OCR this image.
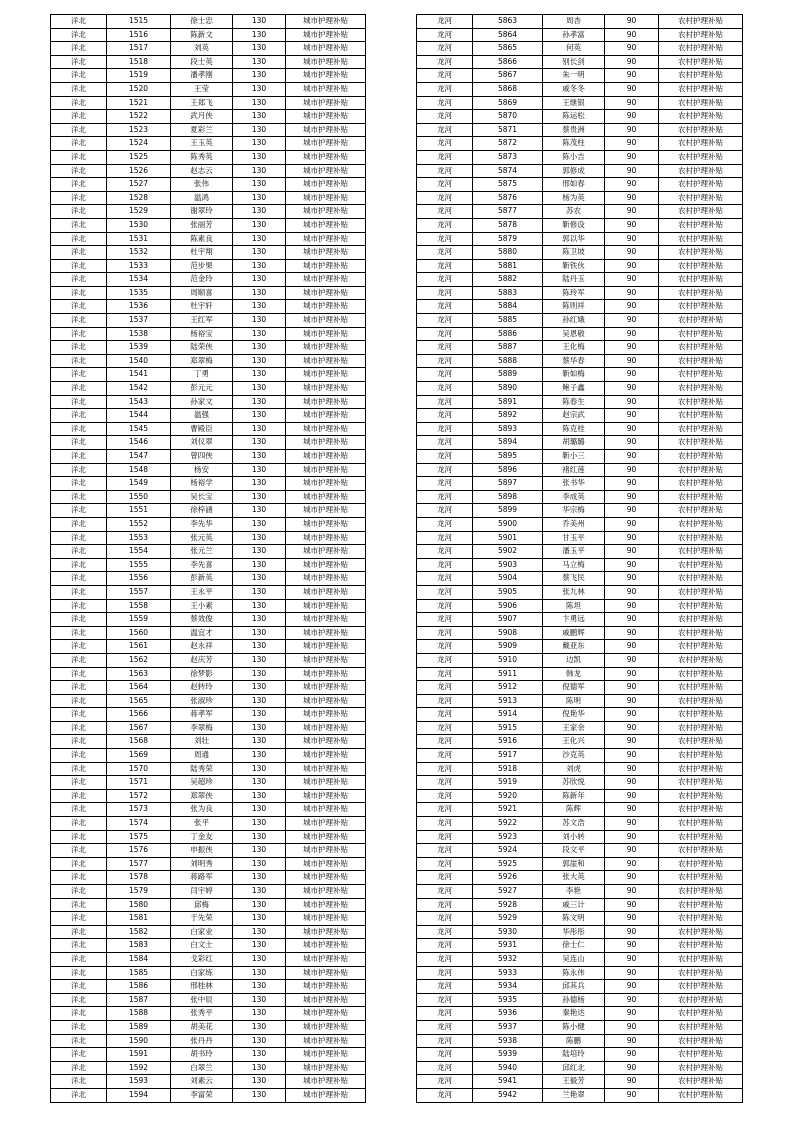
洋北	1515	徐士忠	130	城市护理补贴
洋北	1516	陈新文	130	城市护理补贴
洋北	1517	刘英	130	城市护理补贴
洋北	1518	段士英	130	城市护理补贴
洋北	1519	潘孝刚	130	城市护理补贴
洋北	1520	王莹	130	城市护理补贴
洋北	1521	王郑飞	130	城市护理补贴
洋北	1522	武月侠	130	城市护理补贴
洋北	1523	夏彩兰	130	城市护理补贴
洋北	1524	王玉英	130	城市护理补贴
洋北	1525	陈秀英	130	城市护理补贴
洋北	1526	赵志云	130	城市护理补贴
洋北	1527	张伟	130	城市护理补贴
洋北	1528	温鸿	130	城市护理补贴
洋北	1529	谢翠玲	130	城市护理补贴
洋北	1530	张丽芳	130	城市护理补贴
洋北	1531	陈素良	130	城市护理补贴
洋北	1532	杜宇翔	130	城市护理补贴
洋北	1533	范步果	130	城市护理补贴
洋北	1534	范金玲	130	城市护理补贴
洋北	1535	周顺喜	130	城市护理补贴
洋北	1536	杜宇轩	130	城市护理补贴
洋北	1537	王红军	130	城市护理补贴
洋北	1538	杨裕宝	130	城市护理补贴
洋北	1539	陆荣侠	130	城市护理补贴
洋北	1540	郑翠梅	130	城市护理补贴
洋北	1541	丁勇	130	城市护理补贴
洋北	1542	彭元元	130	城市护理补贴
洋北	1543	孙家文	130	城市护理补贴
洋北	1544	温强	130	城市护理补贴
洋北	1545	曹殿臣	130	城市护理补贴
洋北	1546	刘仪翠	130	城市护理补贴
洋北	1547	曾四侠	130	城市护理补贴
洋北	1548	杨安	130	城市护理补贴
洋北	1549	杨裕学	130	城市护理补贴
洋北	1550	吴长宝	130	城市护理补贴
洋北	1551	徐梓涵	130	城市护理补贴
洋北	1552	李先华	130	城市护理补贴
洋北	1553	张元英	130	城市护理补贴
洋北	1554	张元兰	130	城市护理补贴
洋北	1555	李先喜	130	城市护理补贴
洋北	1556	彭新英	130	城市护理补贴
洋北	1557	王永平	130	城市护理补贴
洋北	1558	王小素	130	城市护理补贴
洋北	1559	蔡效俊	130	城市护理补贴
洋北	1560	温宜才	130	城市护理补贴
洋北	1561	赵永祥	130	城市护理补贴
洋北	1562	赵庆芳	130	城市护理补贴
洋北	1563	徐梦影	130	城市护理补贴
洋北	1564	赵转玲	130	城市护理补贴
洋北	1565	张淑珍	130	城市护理补贴
洋北	1566	蒋孝军	130	城市护理补贴
洋北	1567	李翠梅	130	城市护理补贴
洋北	1568	刘壮	130	城市护理补贴
洋北	1569	周通	130	城市护理补贴
洋北	1570	陆秀荣	130	城市护理补贴
洋北	1571	吴超珍	130	城市护理补贴
洋北	1572	郑翠侠	130	城市护理补贴
洋北	1573	张为良	130	城市护理补贴
洋北	1574	张平	130	城市护理补贴
洋北	1575	丁金友	130	城市护理补贴
洋北	1576	申振侠	130	城市护理补贴
洋北	1577	刘明秀	130	城市护理补贴
洋北	1578	蒋路军	130	城市护理补贴
洋北	1579	闫宇婷	130	城市护理补贴
洋北	1580	邱梅	130	城市护理补贴
洋北	1581	于先荣	130	城市护理补贴
洋北	1582	白家业	130	城市护理补贴
洋北	1583	白文士	130	城市护理补贴
洋北	1584	戈彩红	130	城市护理补贴
洋北	1585	白家练	130	城市护理补贴
洋北	1586	邢桂林	130	城市护理补贴
洋北	1587	张中辰	130	城市护理补贴
洋北	1588	张秀平	130	城市护理补贴
洋北	1589	胡美花	130	城市护理补贴
洋北	1590	张丹丹	130	城市护理补贴
洋北	1591	胡书玲	130	城市护理补贴
洋北	1592	白翠兰	130	城市护理补贴
洋北	1593	刘素云	130	城市护理补贴
洋北	1594	李富荣	130	城市护理补贴
龙河	5863	周杏	90	农村护理补贴
龙河	5864	孙孝富	90	农村护理补贴
龙河	5865	何英	90	农村护理补贴
龙河	5866	别长剑	90	农村护理补贴
龙河	5867	朱一明	90	农村护理补贴
龙河	5868	戚冬冬	90	农村护理补贴
龙河	5869	王继银	90	农村护理补贴
龙河	5870	陈运松	90	农村护理补贴
龙河	5871	蔡贵洲	90	农村护理补贴
龙河	5872	陈茂柱	90	农村护理补贴
龙河	5873	陈小吉	90	农村护理补贴
龙河	5874	郭修成	90	农村护理补贴
龙河	5875	邢如春	90	农村护理补贴
龙河	5876	杨为英	90	农村护理补贴
龙河	5877	苏农	90	农村护理补贴
龙河	5878	靳修设	90	农村护理补贴
龙河	5879	郭以华	90	农村护理补贴
龙河	5880	陈卫坡	90	农村护理补贴
龙河	5881	靳铁伙	90	农村护理补贴
龙河	5882	陆丹玉	90	农村护理补贴
龙河	5883	陈玲军	90	农村护理补贴
龙河	5884	陈则祥	90	农村护理补贴
龙河	5885	孙红娥	90	农村护理补贴
龙河	5886	吴恩敬	90	农村护理补贴
龙河	5887	王化梅	90	农村护理补贴
龙河	5888	蔡华春	90	农村护理补贴
龙河	5889	靳如梅	90	农村护理补贴
龙河	5890	鲍子鑫	90	农村护理补贴
龙河	5891	陈春生	90	农村护理补贴
龙河	5892	赵宗武	90	农村护理补贴
龙河	5893	陈克桂	90	农村护理补贴
龙河	5894	胡璐璐	90	农村护理补贴
龙河	5895	靳小三	90	农村护理补贴
龙河	5896	褚红莲	90	农村护理补贴
龙河	5897	张书华	90	农村护理补贴
龙河	5898	李成英	90	农村护理补贴
龙河	5899	华宗梅	90	农村护理补贴
龙河	5900	乔美州	90	农村护理补贴
龙河	5901	甘玉平	90	农村护理补贴
龙河	5902	潘玉平	90	农村护理补贴
龙河	5903	马立梅	90	农村护理补贴
龙河	5904	蔡飞民	90	农村护理补贴
龙河	5905	张九林	90	农村护理补贴
龙河	5906	陈坦	90	农村护理补贴
龙河	5907	卞勇远	90	农村护理补贴
龙河	5908	戚鹏辉	90	农村护理补贴
龙河	5909	戴亚东	90	农村护理补贴
龙河	5910	边凯	90	农村护理补贴
龙河	5911	韩龙	90	农村护理补贴
龙河	5912	倪德军	90	农村护理补贴
龙河	5913	陈明	90	农村护理补贴
龙河	5914	倪艳华	90	农村护理补贴
龙河	5915	王家余	90	农村护理补贴
龙河	5916	王化兴	90	农村护理补贴
龙河	5917	沙克英	90	农村护理补贴
龙河	5918	刘虎	90	农村护理补贴
龙河	5919	苏欣悦	90	农村护理补贴
龙河	5920	陈新年	90	农村护理补贴
龙河	5921	陈辉	90	农村护理补贴
龙河	5922	苏文浩	90	农村护理补贴
龙河	5923	刘小转	90	农村护理补贴
龙河	5924	段文平	90	农村护理补贴
龙河	5925	郭崖和	90	农村护理补贴
龙河	5926	张大英	90	农村护理补贴
龙河	5927	李艳	90	农村护理补贴
龙河	5928	戚三计	90	农村护理补贴
龙河	5929	陈文明	90	农村护理补贴
龙河	5930	华彤彤	90	农村护理补贴
龙河	5931	徐士仁	90	农村护理补贴
龙河	5932	吴连山	90	农村护理补贴
龙河	5933	陈永伟	90	农村护理补贴
龙河	5934	邱其兵	90	农村护理补贴
龙河	5935	孙德杨	90	农村护理补贴
龙河	5936	秦艳达	90	农村护理补贴
龙河	5937	陈小健	90	农村护理补贴
龙河	5938	陈鹏	90	农村护理补贴
龙河	5939	陆培玲	90	农村护理补贴
龙河	5940	邱红北	90	农村护理补贴
龙河	5941	王毅芳	90	农村护理补贴
龙河	5942	兰艳翠	90	农村护理补贴
